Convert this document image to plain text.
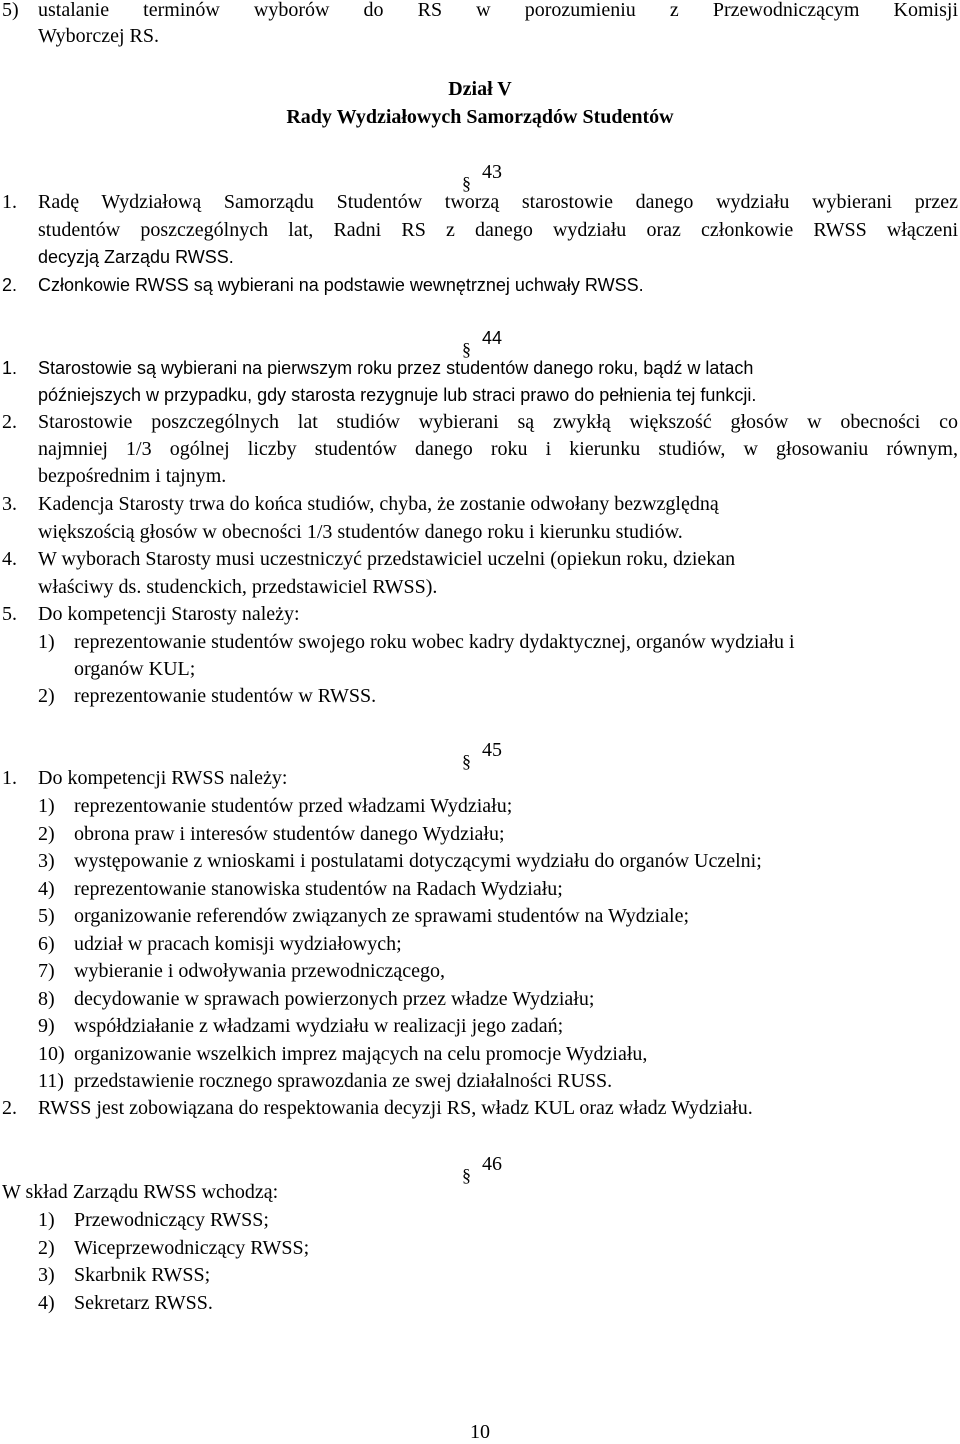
5) ustalanie terminów wyborów do RS w porozumieniu z Przewodniczącym Komisji
Wyborczej RS.
Dział V
Rady Wydziałowych Samorządów Studentów
§ 43
1. Radę Wydziałową Samorządu Studentów tworzą starostowie danego wydziału wybierani przez
studentów poszczególnych lat, Radni RS z danego wydziału oraz członkowie RWSS włączeni
decyzją Zarządu RWSS.
2. Członkowie RWSS są wybierani na podstawie wewnętrznej uchwały RWSS.
§
44
1. Starostowie są wybierani na pierwszym roku przez studentów danego roku, bądź w latach
późniejszych w przypadku, gdy starosta rezygnuje lub straci prawo do pełnienia tej funkcji.
2. Starostowie poszczególnych lat studiów wybierani są zwykłą większość głosów w obecności co
najmniej 1/3 ogólnej liczby studentów danego roku i kierunku studiów, w głosowaniu równym,
bezpośrednim i tajnym.
3. Kadencja Starosty trwa do końca studiów, chyba, że zostanie odwołany bezwzględną
większością głosów w obecności 1/3 studentów danego roku i kierunku studiów.
4. W wyborach Starosty musi uczestniczyć przedstawiciel uczelni (opiekun roku, dziekan
właściwy ds. studenckich, przedstawiciel RWSS).
5. Do kompetencji Starosty należy:
1) reprezentowanie studentów swojego roku wobec kadry dydaktycznej, organów wydziału i
organów KUL;
2) reprezentowanie studentów w RWSS.
§ 45
1. Do kompetencji RWSS należy:
1) reprezentowanie studentów przed władzami Wydziału;
2) obrona praw i interesów studentów danego Wydziału;
3) występowanie z wnioskami i postulatami dotyczącymi wydziału do organów Uczelni;
4) reprezentowanie stanowiska studentów na Radach Wydziału;
5) organizowanie referendów związanych ze sprawami studentów na Wydziale;
6) udział w pracach komisji wydziałowych;
7) wybieranie i odwoływania przewodniczącego,
8) decydowanie w sprawach powierzonych przez władze Wydziału;
9) współdziałanie z władzami wydziału w realizacji jego zadań;
10) organizowanie wszelkich imprez mających na celu promocje Wydziału,
11) przedstawienie rocznego sprawozdania ze swej działalności RUSS.
2. RWSS jest zobowiązana do respektowania decyzji RS, władz KUL oraz władz Wydziału.
§ 46
W skład Zarządu RWSS wchodzą:
1) Przewodniczący RWSS;
2) Wiceprzewodniczący RWSS;
3) Skarbnik RWSS;
4) Sekretarz RWSS.
10
